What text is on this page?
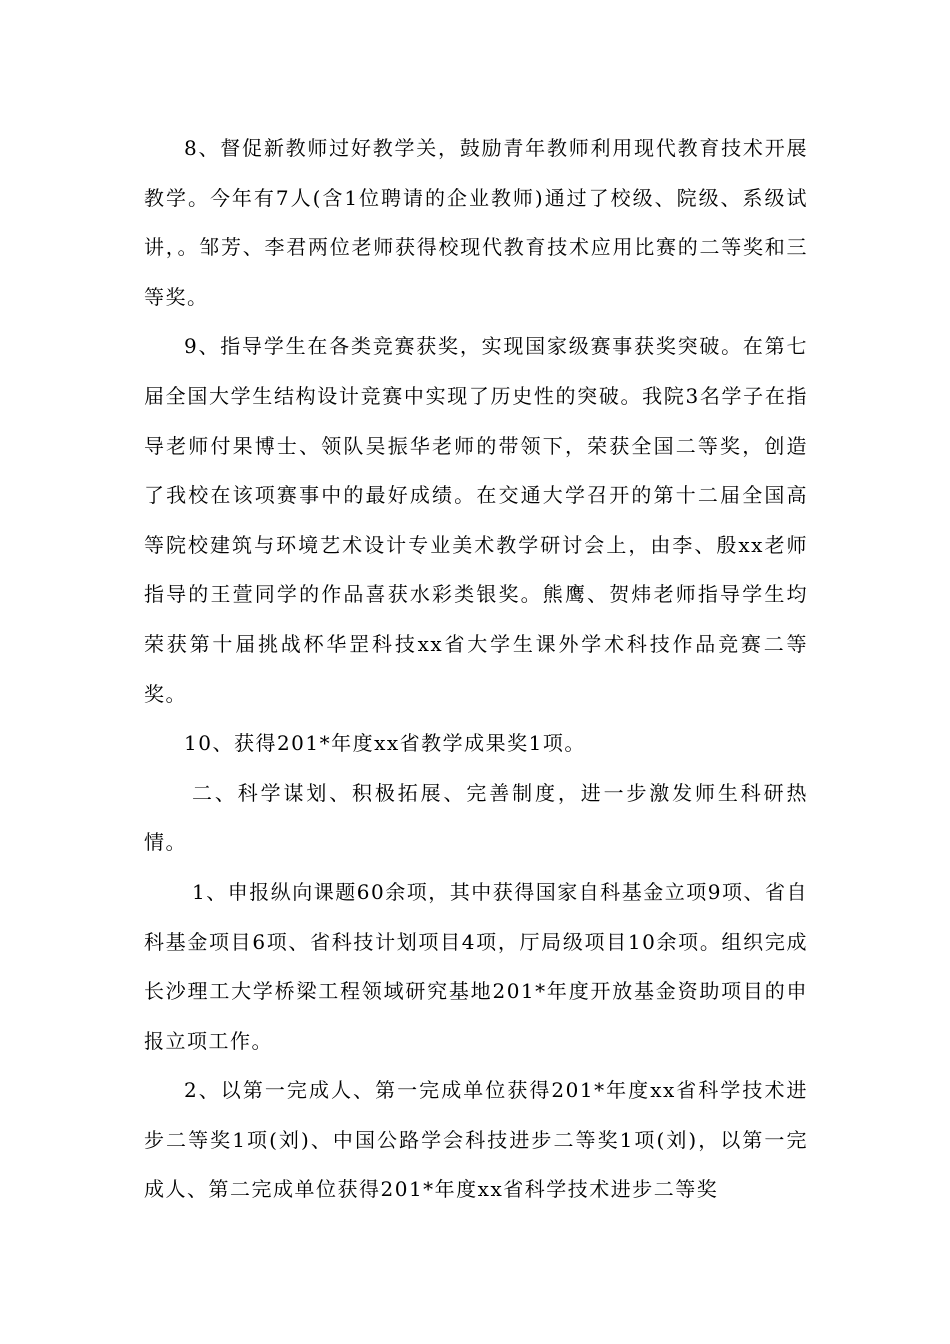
8、督促新教师过好教学关，鼓励青年教师利用现代教育技术开展教学。今年有7人(含1位聘请的企业教师)通过了校级、院级、系级试讲，。邹芳、李君两位老师获得校现代教育技术应用比赛的二等奖和三等奖。

9、指导学生在各类竞赛获奖，实现国家级赛事获奖突破。在第七届全国大学生结构设计竞赛中实现了历史性的突破。我院3名学子在指导老师付果博士、领队吴振华老师的带领下，荣获全国二等奖，创造了我校在该项赛事中的最好成绩。在交通大学召开的第十二届全国高等院校建筑与环境艺术设计专业美术教学研讨会上，由李、殷xx老师指导的王萱同学的作品喜获水彩类银奖。熊鹰、贺炜老师指导学生均荣获第十届挑战杯华罡科技xx省大学生课外学术科技作品竞赛二等奖。

10、获得201*年度xx省教学成果奖1项。

二、科学谋划、积极拓展、完善制度，进一步激发师生科研热情。

1、申报纵向课题60余项，其中获得国家自科基金立项9项、省自科基金项目6项、省科技计划项目4项，厅局级项目10余项。组织完成长沙理工大学桥梁工程领域研究基地201*年度开放基金资助项目的申报立项工作。

2、以第一完成人、第一完成单位获得201*年度xx省科学技术进步二等奖1项(刘)、中国公路学会科技进步二等奖1项(刘)，以第一完成人、第二完成单位获得201*年度xx省科学技术进步二等奖
